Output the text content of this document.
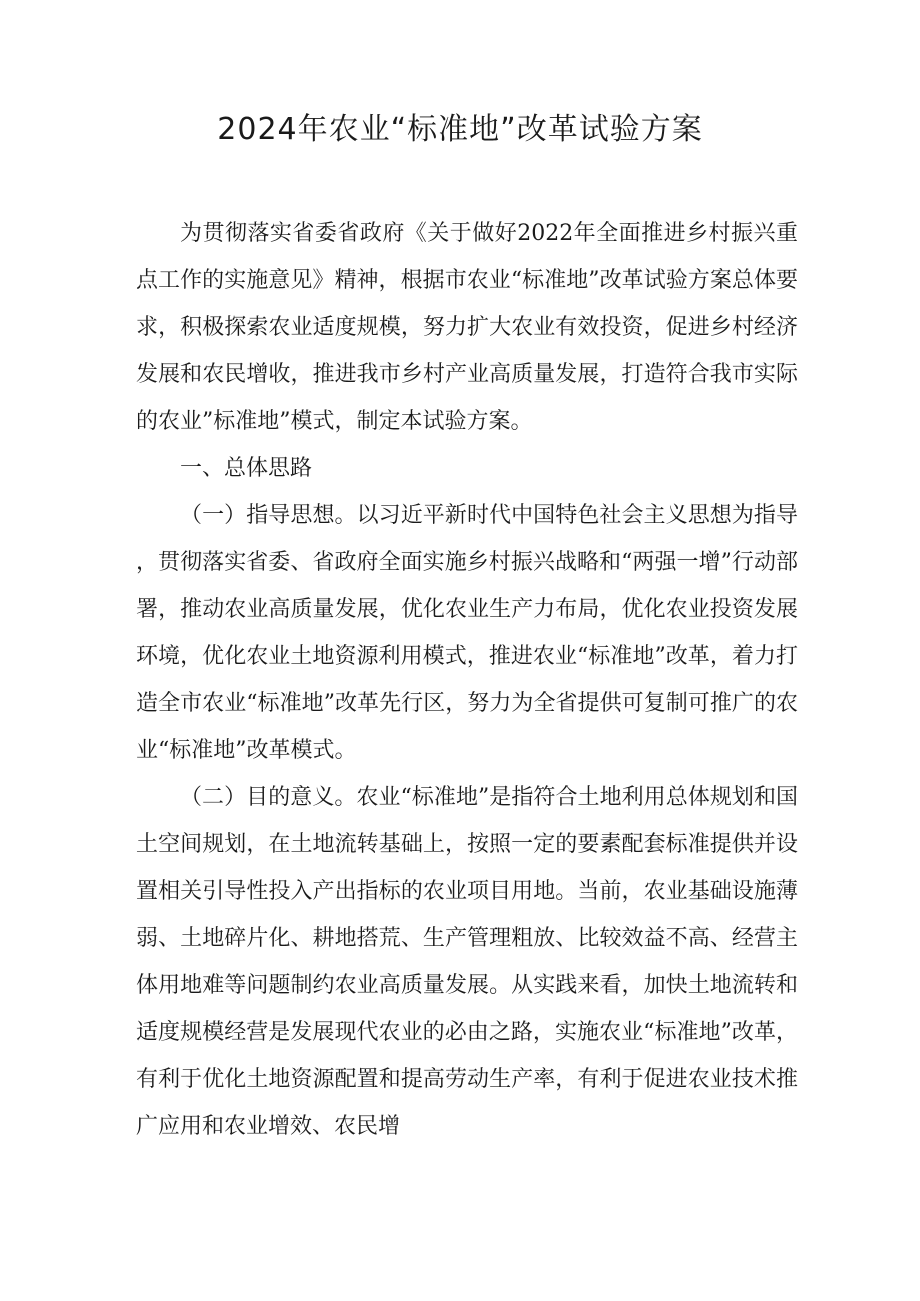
2024年农业“标准地”改革试验方案

为贯彻落实省委省政府《关于做好2022年全面推进乡村振兴重点工作的实施意见》精神，根据市农业“标准地”改革试验方案总体要求，积极探索农业适度规模，努力扩大农业有效投资，促进乡村经济发展和农民增收，推进我市乡村产业高质量发展，打造符合我市实际的农业”标准地”模式，制定本试验方案。

一、总体思路

（一）指导思想。以习近平新时代中国特色社会主义思想为指导，贯彻落实省委、省政府全面实施乡村振兴战略和“两强一增”行动部署，推动农业高质量发展，优化农业生产力布局，优化农业投资发展环境，优化农业土地资源利用模式，推进农业“标准地”改革，着力打造全市农业“标准地”改革先行区，努力为全省提供可复制可推广的农业“标准地”改革模式。

（二）目的意义。农业“标准地”是指符合土地利用总体规划和国土空间规划，在土地流转基础上，按照一定的要素配套标准提供并设置相关引导性投入产出指标的农业项目用地。当前，农业基础设施薄弱、土地碎片化、耕地搭荒、生产管理粗放、比较效益不高、经营主体用地难等问题制约农业高质量发展。从实践来看，加快土地流转和适度规模经营是发展现代农业的必由之路，实施农业“标准地”改革，有利于优化土地资源配置和提高劳动生产率，有利于促进农业技术推广应用和农业增效、农民增
